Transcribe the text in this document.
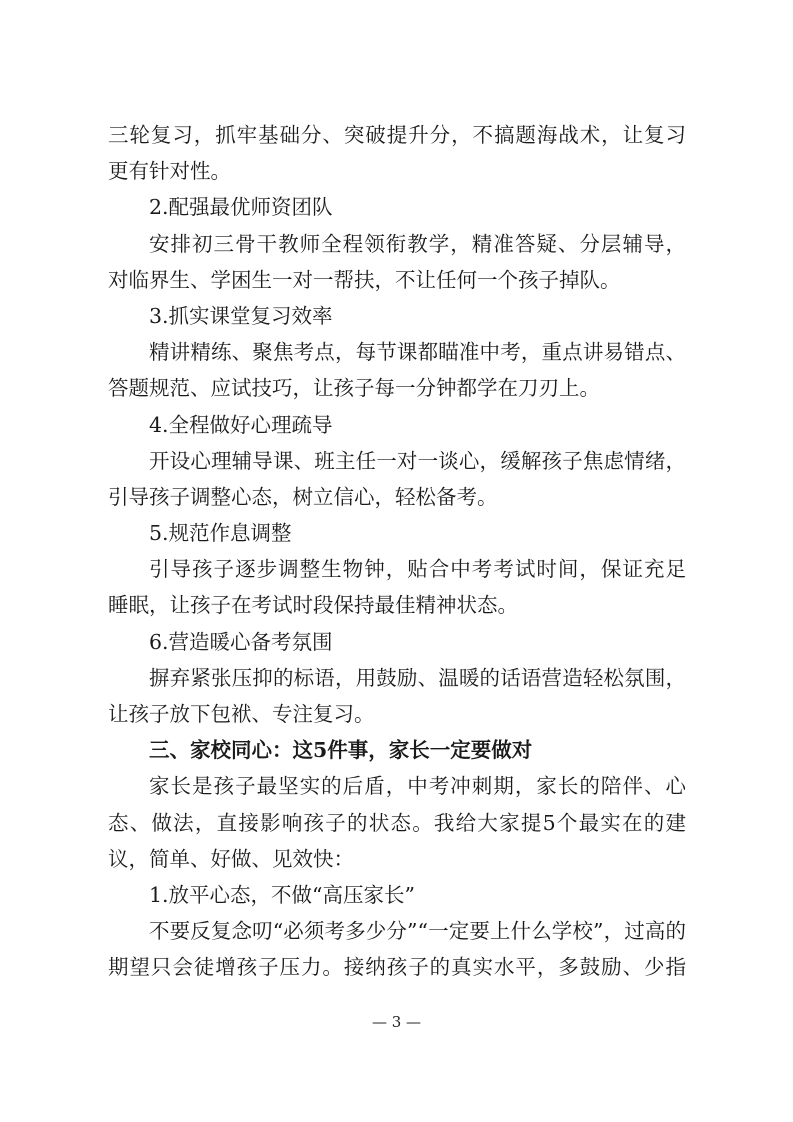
三轮复习，抓牢基础分、突破提升分，不搞题海战术，让复习
更有针对性。
2.配强最优师资团队
安排初三骨干教师全程领衔教学，精准答疑、分层辅导，
对临界生、学困生一对一帮扶，不让任何一个孩子掉队。
3.抓实课堂复习效率
精讲精练、聚焦考点，每节课都瞄准中考，重点讲易错点、
答题规范、应试技巧，让孩子每一分钟都学在刀刃上。
4.全程做好心理疏导
开设心理辅导课、班主任一对一谈心，缓解孩子焦虑情绪，
引导孩子调整心态，树立信心，轻松备考。
5.规范作息调整
引导孩子逐步调整生物钟，贴合中考考试时间，保证充足
睡眠，让孩子在考试时段保持最佳精神状态。
6.营造暖心备考氛围
摒弃紧张压抑的标语，用鼓励、温暖的话语营造轻松氛围，
让孩子放下包袱、专注复习。
三、家校同心：这5件事，家长一定要做对
家长是孩子最坚实的后盾，中考冲刺期，家长的陪伴、心
态、做法，直接影响孩子的状态。我给大家提5个最实在的建
议，简单、好做、见效快：
1.放平心态，不做“高压家长”
不要反复念叨“必须考多少分”“一定要上什么学校”，过高的
期望只会徒增孩子压力。接纳孩子的真实水平，多鼓励、少指
— 3 —
